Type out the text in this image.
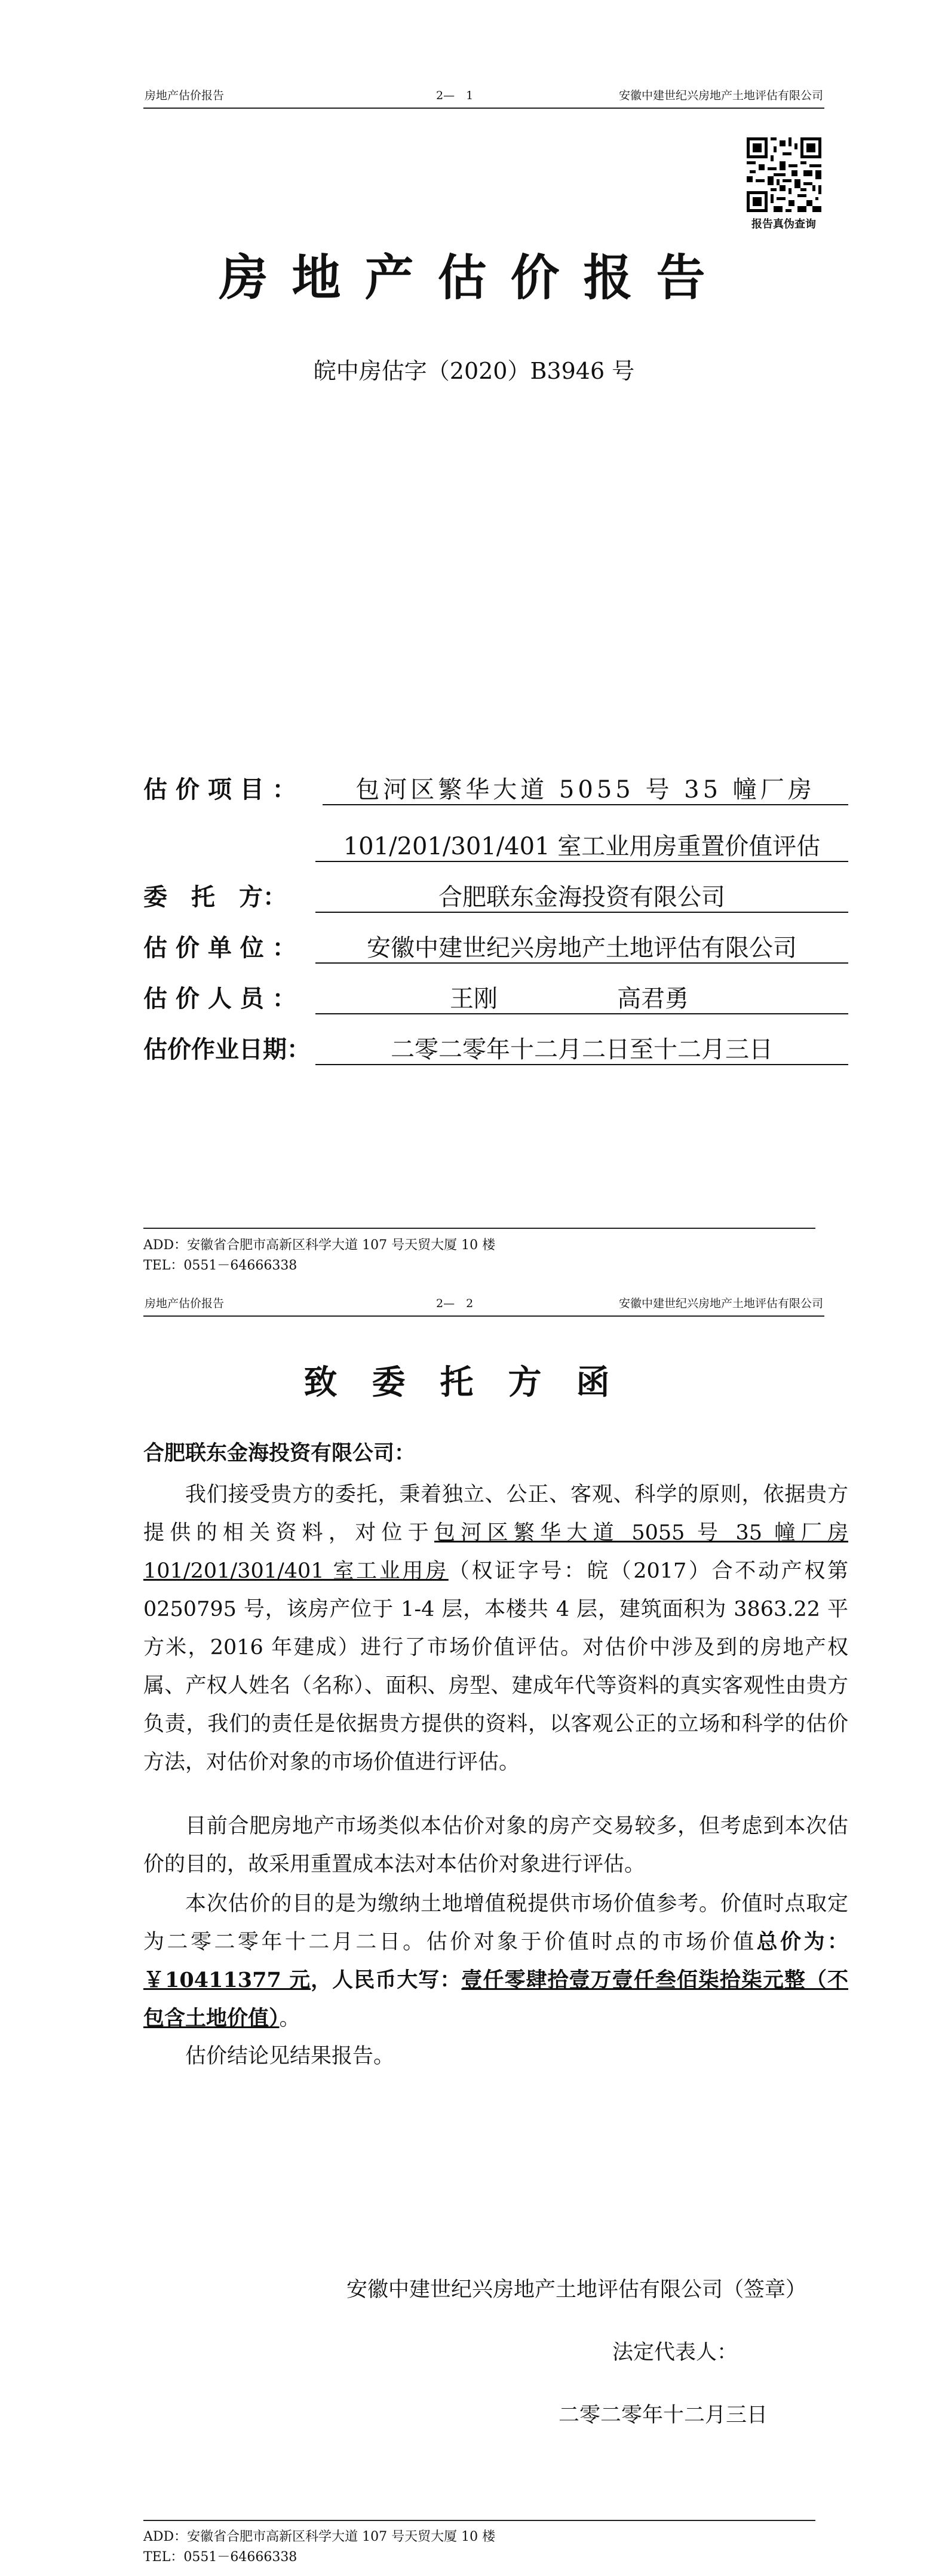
房地产估价报告	2—　1	安徽中建世纪兴房地产土地评估有限公司
报告真伪查询
房地产估价报告
皖中房估字（2020）B3946 号
估 价 项 目 ：	包河区繁华大道 5055 号 35 幢厂房
101/201/301/401 室工业用房重置价值评估
委　托　方：	合肥联东金海投资有限公司
估 价 单 位 ：	安徽中建世纪兴房地产土地评估有限公司
估 价 人 员 ：	王刚	高君勇
估价作业日期：	二零二零年十二月二日至十二月三日
ADD：安徽省合肥市高新区科学大道 107 号天贸大厦 10 楼
TEL：0551－64666338
房地产估价报告	2—　2	安徽中建世纪兴房地产土地评估有限公司
致委托方函
合肥联东金海投资有限公司：

我们接受贵方的委托，秉着独立、公正、客观、科学的原则，依据贵方提供的相关资料，对位于包河区繁华大道 5055 号 35 幢厂房 101/201/301/401 室工业用房（权证字号：皖（2017）合不动产权第 0250795 号，该房产位于 1-4 层，本楼共 4 层，建筑面积为 3863.22 平方米，2016 年建成）进行了市场价值评估。对估价中涉及到的房地产权属、产权人姓名（名称）、面积、房型、建成年代等资料的真实客观性由贵方负责，我们的责任是依据贵方提供的资料，以客观公正的立场和科学的估价方法，对估价对象的市场价值进行评估。

目前合肥房地产市场类似本估价对象的房产交易较多，但考虑到本次估价的目的，故采用重置成本法对本估价对象进行评估。

本次估价的目的是为缴纳土地增值税提供市场价值参考。价值时点取定为二零二零年十二月二日。估价对象于价值时点的市场价值总价为：￥10411377 元，人民币大写：壹仟零肆拾壹万壹仟叁佰柒拾柒元整（不包含土地价值）。

估价结论见结果报告。

安徽中建世纪兴房地产土地评估有限公司（签章）
法定代表人：
二零二零年十二月三日
ADD：安徽省合肥市高新区科学大道 107 号天贸大厦 10 楼
TEL：0551－64666338
